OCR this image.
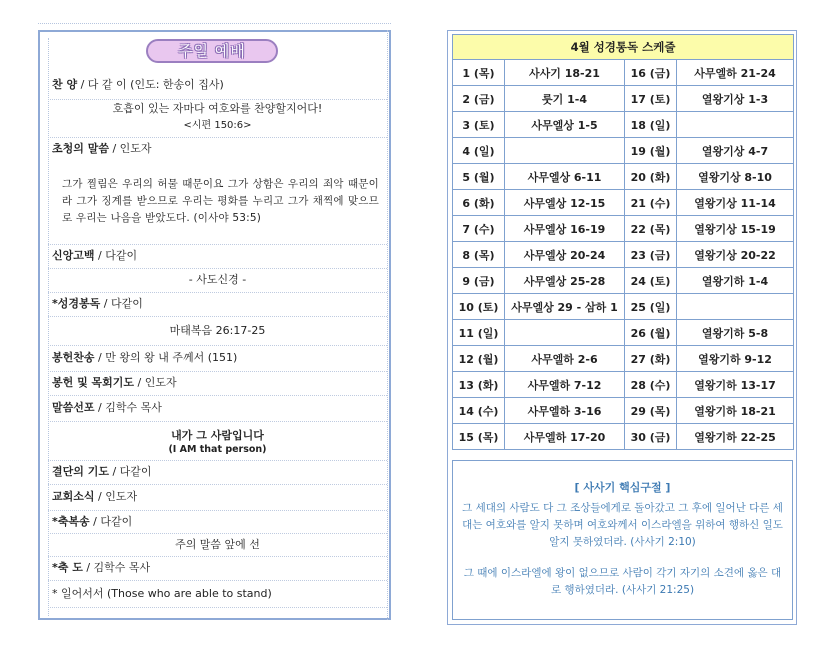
주일 예배
찬 양 / 다 같 이 (인도: 한송이 집사)
호흡이 있는 자마다 여호와를 찬양할지어다!
<시편 150:6>
초청의 말씀 / 인도자
그가 찔림은 우리의 허물 때문이요 그가 상함은 우리의 죄악 때문이라 그가 징계를 받으므로 우리는 평화를 누리고 그가 채찍에 맞으므로 우리는 나음을 받았도다. (이사야 53:5)
신앙고백 / 다같이
- 사도신경 -
*성경봉독 / 다같이
마태복음 26:17-25
봉헌찬송 / 만 왕의 왕 내 주께서 (151)
봉헌 및 목회기도 / 인도자
말씀선포 / 김학수 목사
내가 그 사람입니다
(I AM that person)
결단의 기도 / 다같이
교회소식 / 인도자
*축복송 / 다같이
주의 말씀 앞에 선
*축 도 / 김학수 목사
* 일어서서 (Those who are able to stand)
4월 성경통독 스케줄			
1 (목)	사사기 18-21	16 (금)	사무엘하 21-24
2 (금)	룻기 1-4	17 (토)	열왕기상 1-3
3 (토)	사무엘상 1-5	18 (일)	
4 (일)		19 (월)	열왕기상 4-7
5 (월)	사무엘상 6-11	20 (화)	열왕기상 8-10
6 (화)	사무엘상 12-15	21 (수)	열왕기상 11-14
7 (수)	사무엘상 16-19	22 (목)	열왕기상 15-19
8 (목)	사무엘상 20-24	23 (금)	열왕기상 20-22
9 (금)	사무엘상 25-28	24 (토)	열왕기하 1-4
10 (토)	사무엘상 29 - 삼하 1	25 (일)	
11 (일)		26 (월)	열왕기하 5-8
12 (월)	사무엘하 2-6	27 (화)	열왕기하 9-12
13 (화)	사무엘하 7-12	28 (수)	열왕기하 13-17
14 (수)	사무엘하 3-16	29 (목)	열왕기하 18-21
15 (목)	사무엘하 17-20	30 (금)	열왕기하 22-25
[ 사사기 핵심구절 ]

그 세대의 사람도 다 그 조상들에게로 돌아갔고 그 후에 일어난 다른 세대는 여호와를 알지 못하며 여호와께서 이스라엘을 위하여 행하신 일도 알지 못하였더라. (사사기 2:10)

그 때에 이스라엘에 왕이 없으므로 사람이 각기 자기의 소견에 옳은 대로 행하였더라. (사사기 21:25)
